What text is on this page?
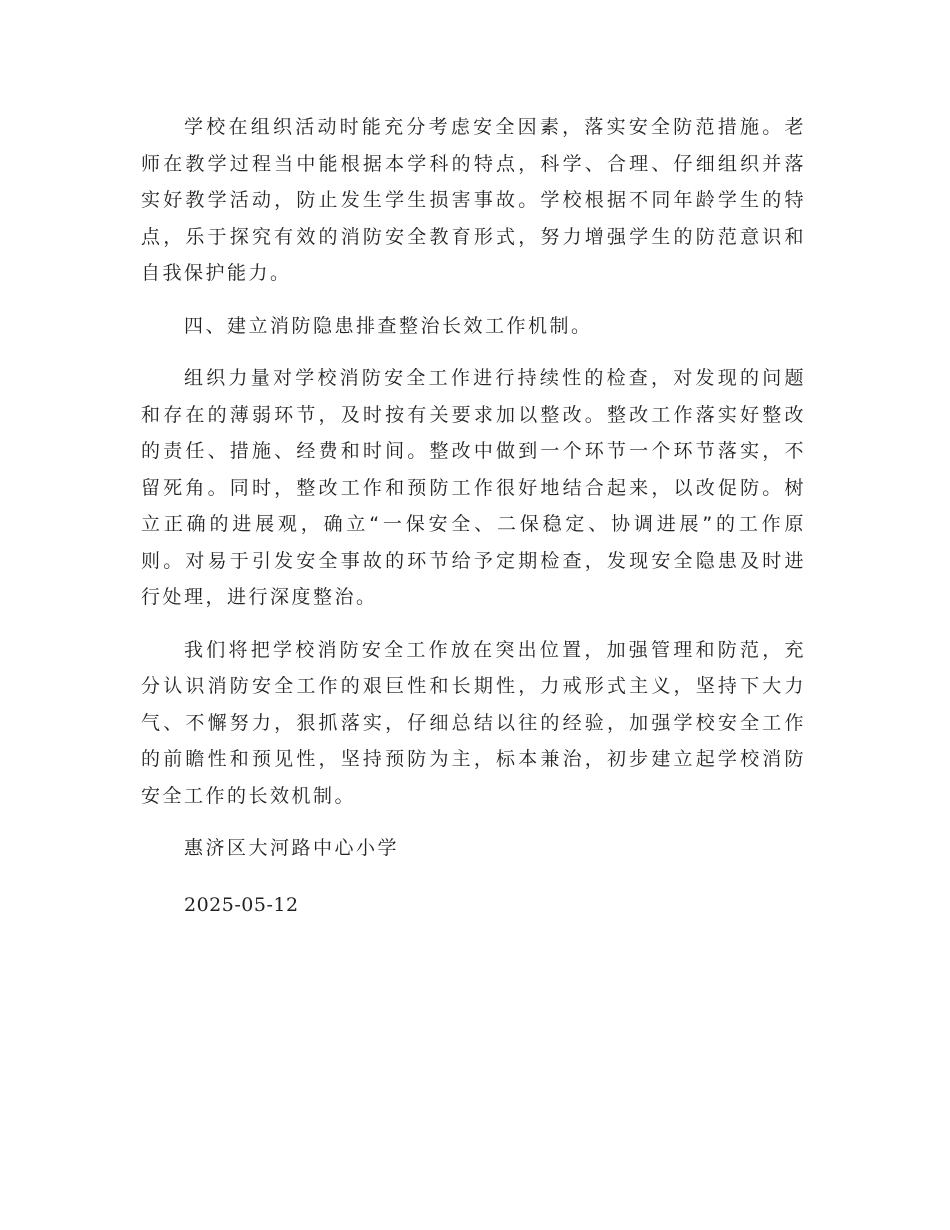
学校在组织活动时能充分考虑安全因素，落实安全防范措施。老师在教学过程当中能根据本学科的特点，科学、合理、仔细组织并落实好教学活动，防止发生学生损害事故。学校根据不同年龄学生的特点，乐于探究有效的消防安全教育形式，努力增强学生的防范意识和自我保护能力。

四、建立消防隐患排查整治长效工作机制。

组织力量对学校消防安全工作进行持续性的检查，对发现的问题和存在的薄弱环节，及时按有关要求加以整改。整改工作落实好整改的责任、措施、经费和时间。整改中做到一个环节一个环节落实，不留死角。同时，整改工作和预防工作很好地结合起来，以改促防。树立正确的进展观，确立“一保安全、二保稳定、协调进展”的工作原则。对易于引发安全事故的环节给予定期检查，发现安全隐患及时进行处理，进行深度整治。

我们将把学校消防安全工作放在突出位置，加强管理和防范，充分认识消防安全工作的艰巨性和长期性，力戒形式主义，坚持下大力气、不懈努力，狠抓落实，仔细总结以往的经验，加强学校安全工作的前瞻性和预见性，坚持预防为主，标本兼治，初步建立起学校消防安全工作的长效机制。

惠济区大河路中心小学

2025-05-12
